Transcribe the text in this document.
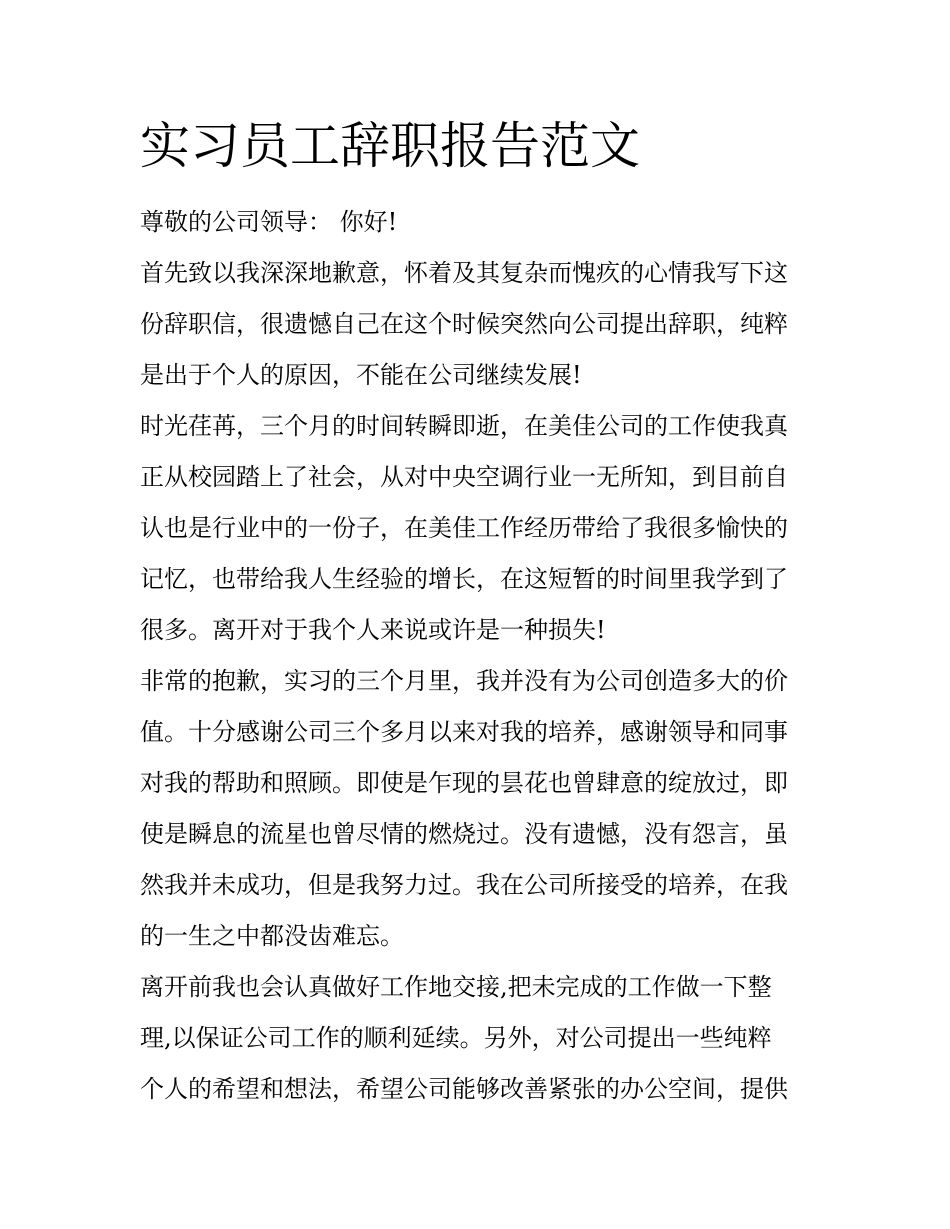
实习员工辞职报告范文

尊敬的公司领导： 你好!

首先致以我深深地歉意，怀着及其复杂而愧疚的心情我写下这

份辞职信，很遗憾自己在这个时候突然向公司提出辞职，纯粹

是出于个人的原因，不能在公司继续发展!

时光荏苒，三个月的时间转瞬即逝，在美佳公司的工作使我真

正从校园踏上了社会，从对中央空调行业一无所知，到目前自

认也是行业中的一份子，在美佳工作经历带给了我很多愉快的

记忆，也带给我人生经验的增长，在这短暂的时间里我学到了

很多。离开对于我个人来说或许是一种损失!

非常的抱歉，实习的三个月里，我并没有为公司创造多大的价

值。十分感谢公司三个多月以来对我的培养，感谢领导和同事

对我的帮助和照顾。即使是乍现的昙花也曾肆意的绽放过，即

使是瞬息的流星也曾尽情的燃烧过。没有遗憾，没有怨言，虽

然我并未成功，但是我努力过。我在公司所接受的培养，在我

的一生之中都没齿难忘。

离开前我也会认真做好工作地交接,把未完成的工作做一下整

理,以保证公司工作的顺利延续。另外，对公司提出一些纯粹

个人的希望和想法，希望公司能够改善紧张的办公空间，提供
